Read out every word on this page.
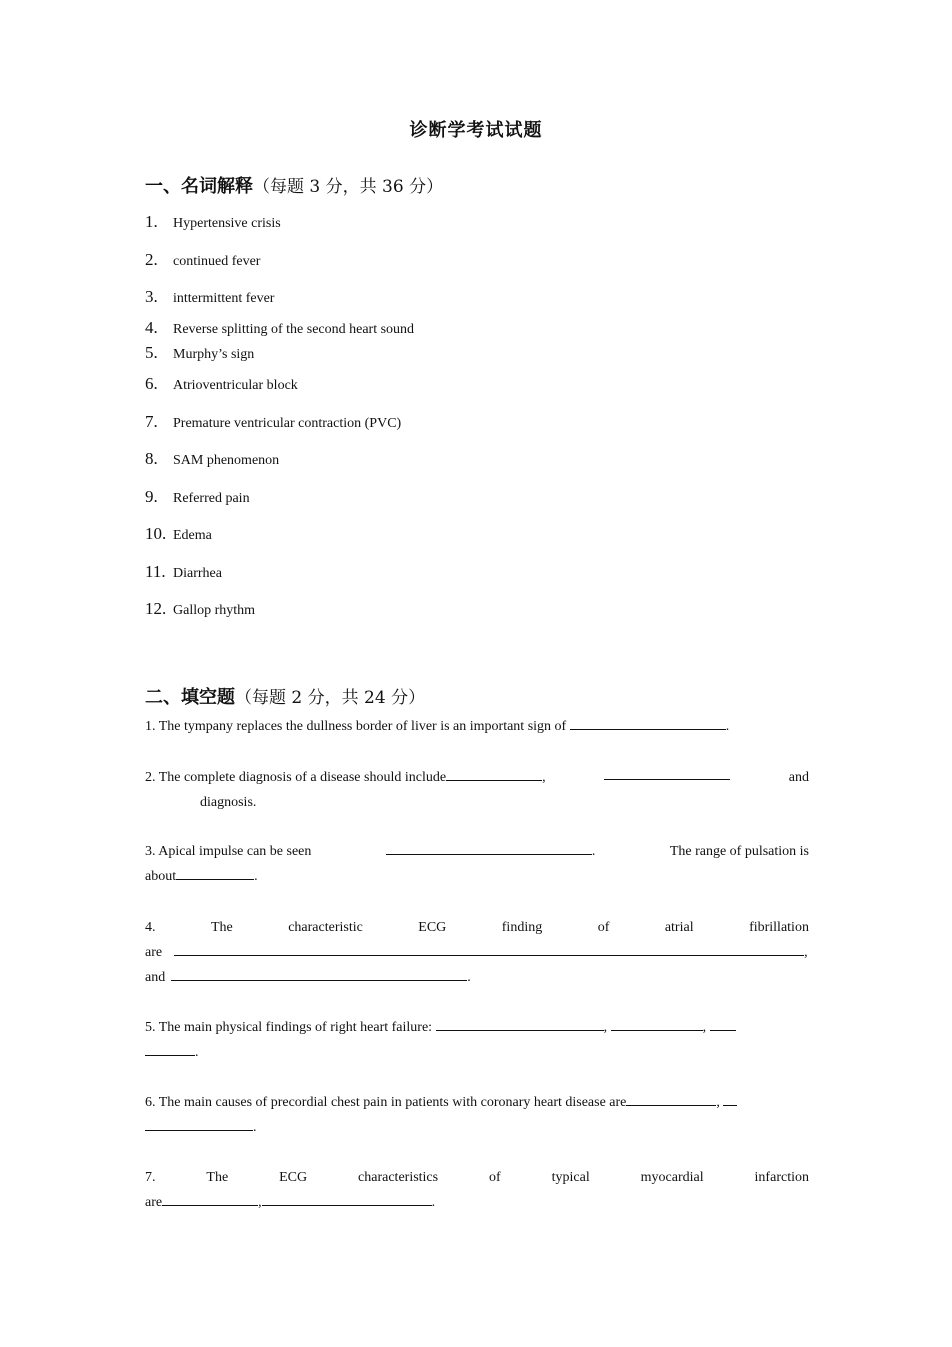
诊断学考试试题
一、名词解释（每题 3 分，共 36 分）
1. Hypertensive crisis
2. continued fever
3. inttermittent fever
4. Reverse splitting of the second heart sound
5. Murphy’s sign
6. Atrioventricular block
7. Premature ventricular contraction (PVC)
8. SAM phenomenon
9. Referred pain
10. Edema
11. Diarrhea
12. Gallop rhythm
二、填空题（每题 2 分，共 24 分）
1. The tympany replaces the dullness border of liver is an important sign of	.
2. The complete diagnosis of a disease should include	,	and
diagnosis.
3. Apical impulse can be seen	.	The range of pulsation is
about	.
4.	The	characteristic	ECG	finding	of	atrial	fibrillation
are	,
and	.
5. The main physical findings of right heart failure:	,	,
.
6. The main causes of precordial chest pain in patients with coronary heart disease are	,
.
7.	The	ECG	characteristics	of	typical	myocardial	infarction
are	,	.
